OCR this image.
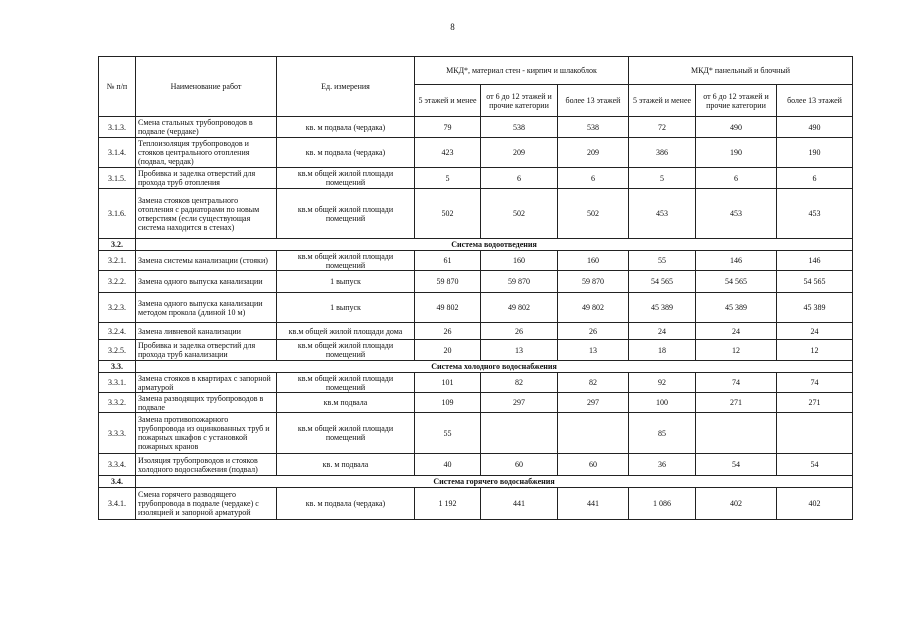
8
№ п/п	Наименование работ	Ед. измерения	МКД*, материал стен - кирпич и шлакоблок			МКД* панельный и блочный		
			5 этажей и менее	от 6 до 12 этажей и прочие категории	более 13 этажей	5 этажей и менее	от 6 до 12 этажей и прочие категории	более 13 этажей
3.1.3.	Смена стальных трубопроводов в подвале (чердаке)	кв. м подвала (чердака)	79	538	538	72	490	490
3.1.4.	Теплоизоляция трубопроводов и стояков центрального отопления (подвал, чердак)	кв. м подвала (чердака)	423	209	209	386	190	190
3.1.5.	Пробивка и заделка отверстий для прохода труб отопления	кв.м общей жилой площади помещений	5	6	6	5	6	6
3.1.6.	Замена стояков центрального отопления с радиаторами по новым отверстиям (если существующая система находится в стенах)	кв.м общей жилой площади помещений	502	502	502	453	453	453
3.2.	Система водоотведения							
3.2.1.	Замена системы канализации (стояки)	кв.м общей жилой площади помещений	61	160	160	55	146	146
3.2.2.	Замена одного выпуска канализации	1 выпуск	59 870	59 870	59 870	54 565	54 565	54 565
3.2.3.	Замена одного выпуска канализации методом прокола (длиной 10 м)	1 выпуск	49 802	49 802	49 802	45 389	45 389	45 389
3.2.4.	Замена ливневой канализации	кв.м общей жилой площади дома	26	26	26	24	24	24
3.2.5.	Пробивка и заделка отверстий для прохода труб канализации	кв.м общей жилой площади помещений	20	13	13	18	12	12
3.3.	Система холодного водоснабжения							
3.3.1.	Замена стояков в квартирах с запорной арматурой	кв.м общей жилой площади помещений	101	82	82	92	74	74
3.3.2.	Замена разводящих трубопроводов в подвале	кв.м подвала	109	297	297	100	271	271
3.3.3.	Замена противопожарного трубопровода из оцинкованных труб и пожарных шкафов с установкой пожарных кранов	кв.м общей жилой площади помещений	55			85		
3.3.4.	Изоляция трубопроводов и стояков холодного водоснабжения (подвал)	кв. м подвала	40	60	60	36	54	54
3.4.	Система горячего водоснабжения							
3.4.1.	Смена горячего разводящего трубопровода в подвале (чердаке) с изоляцией и запорной арматурой	кв. м подвала (чердака)	1 192	441	441	1 086	402	402
